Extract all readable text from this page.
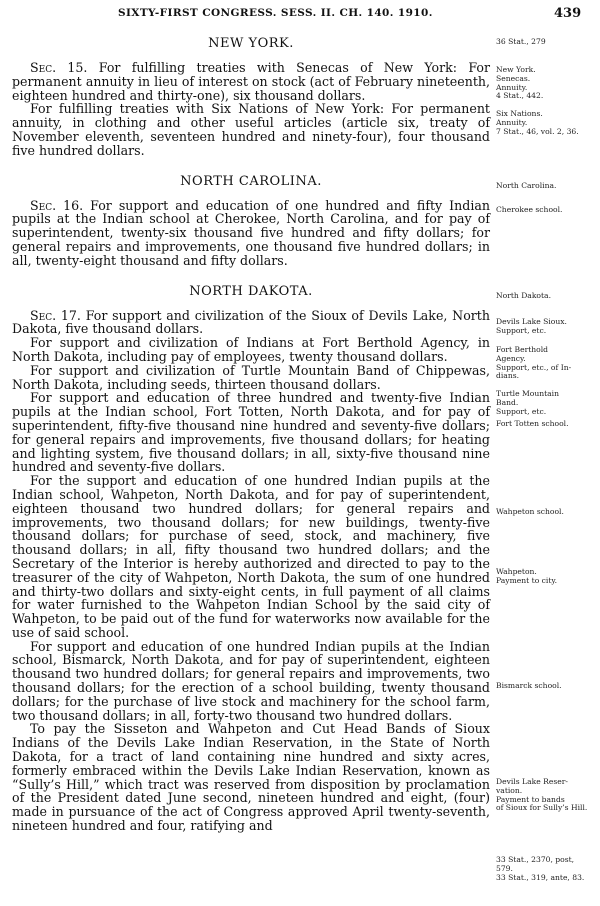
SIXTY-FIRST CONGRESS. SESS. II. CH. 140. 1910.	439
NEW YORK.

Sec. 15. For fulfilling treaties with Senecas of New York: For permanent annuity in lieu of interest on stock (act of February nineteenth, eighteen hundred and thirty-one), six thousand dollars.

For fulfilling treaties with Six Nations of New York: For permanent annuity, in clothing and other useful articles (article six, treaty of November eleventh, seventeen hundred and ninety-four), four thousand five hundred dollars.

NORTH CAROLINA.

Sec. 16. For support and education of one hundred and fifty Indian pupils at the Indian school at Cherokee, North Carolina, and for pay of superintendent, twenty-six thousand five hundred and fifty dollars; for general repairs and improvements, one thousand five hundred dollars; in all, twenty-eight thousand and fifty dollars.

NORTH DAKOTA.

Sec. 17. For support and civilization of the Sioux of Devils Lake, North Dakota, five thousand dollars.

For support and civilization of Indians at Fort Berthold Agency, in North Dakota, including pay of employees, twenty thousand dollars.

For support and civilization of Turtle Mountain Band of Chippewas, North Dakota, including seeds, thirteen thousand dollars.

For support and education of three hundred and twenty-five Indian pupils at the Indian school, Fort Totten, North Dakota, and for pay of superintendent, fifty-five thousand nine hundred and seventy-five dollars; for general repairs and improvements, five thousand dollars; for heating and lighting system, five thousand dollars; in all, sixty-five thousand nine hundred and seventy-five dollars.

For the support and education of one hundred Indian pupils at the Indian school, Wahpeton, North Dakota, and for pay of superintendent, eighteen thousand two hundred dollars; for general repairs and improvements, two thousand dollars; for new buildings, twenty-five thousand dollars; for purchase of seed, stock, and machinery, five thousand dollars; in all, fifty thousand two hundred dollars; and the Secretary of the Interior is hereby authorized and directed to pay to the treasurer of the city of Wahpeton, North Dakota, the sum of one hundred and thirty-two dollars and sixty-eight cents, in full payment of all claims for water furnished to the Wahpeton Indian School by the said city of Wahpeton, to be paid out of the fund for waterworks now available for the use of said school.

For support and education of one hundred Indian pupils at the Indian school, Bismarck, North Dakota, and for pay of superintendent, eighteen thousand two hundred dollars; for general repairs and improvements, two thousand dollars; for the erection of a school building, twenty thousand dollars; for the purchase of live stock and machinery for the school farm, two thousand dollars; in all, forty-two thousand two hundred dollars.

To pay the Sisseton and Wahpeton and Cut Head Bands of Sioux Indians of the Devils Lake Indian Reservation, in the State of North Dakota, for a tract of land containing nine hundred and sixty acres, formerly embraced within the Devils Lake Indian Reservation, known as “Sully’s Hill,” which tract was reserved from disposition by proclamation of the President dated June second, nineteen hundred and eight, (four) made in pursuance of the act of Congress approved April twenty-seventh, nineteen hundred and four, ratifying and

36 Stat., 279
New York.
Senecas.
Annuity.
4 Stat., 442.
Six Nations.
Annuity.
7 Stat., 46, vol. 2, 36.
North Carolina.
Cherokee school.
North Dakota.
Devils Lake Sioux.
Support, etc.
Fort Berthold
Agency.
Support, etc., of In-
dians.
Turtle Mountain
Band.
Support, etc.
Fort Totten school.
Wahpeton school.
Wahpeton.
Payment to city.
Bismarck school.
Devils Lake Reser-
vation.
Payment to bands
of Sioux for Sully’s Hill.
33 Stat., 2370, post,
579.
33 Stat., 319, ante, 83.
